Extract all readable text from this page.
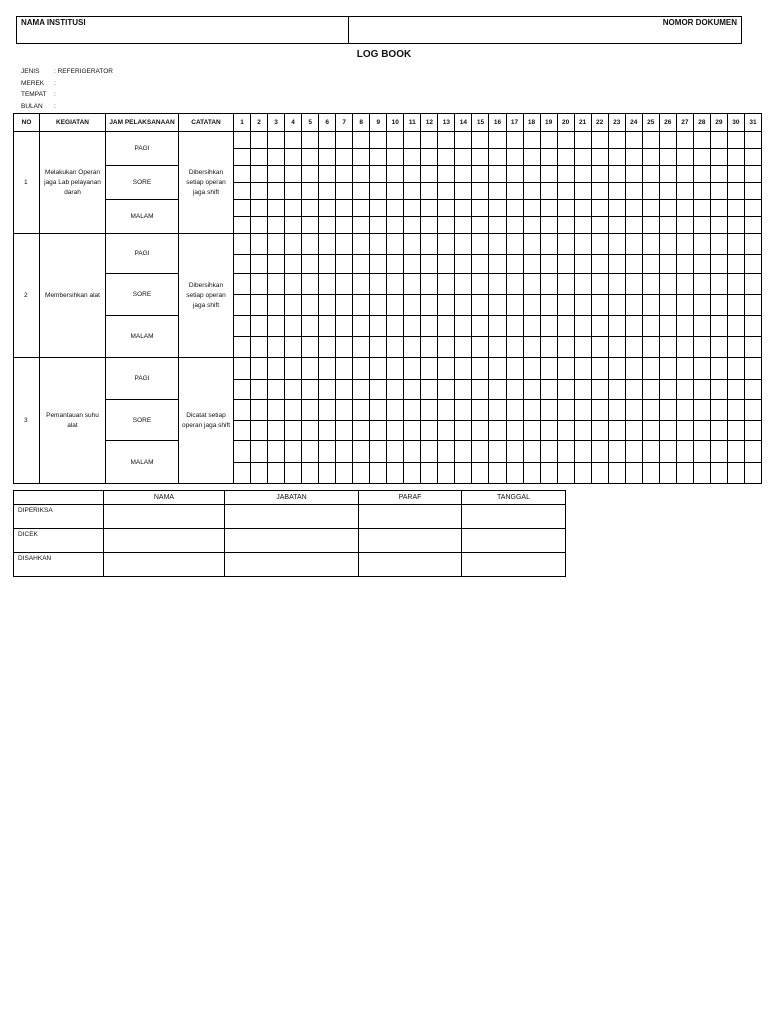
NAMA INSTITUSI	NOMOR DOKUMEN
LOG BOOK
JENIS	: REFERIGERATOR
MEREK	:
TEMPAT	:
BULAN	:
NO	KEGIATAN	JAM PELAKSANAAN	CATATAN	1	2	3	4	5	6	7	8	9	10	11	12	13	14	15	16	17	18	19	20	21	22	23	24	25	26	27	28	29	30	31
1	Melakukan Operan jaga Lab pelayanan darah	PAGI	Dibersihkan setiap operan jaga shift																															

		SORE																																

		MALAM																																

2	Membersihkan alat	PAGI	Dibersihkan setiap operan jaga shift																															

		SORE																																

		MALAM																																

3	Pemantauan suhu alat	PAGI	Dicatat setiap operan jaga shift																															

		SORE																																

		MALAM																																

	NAMA	JABATAN	PARAF	TANGGAL
DIPERIKSA				
DICEK				
DISAHKAN				
